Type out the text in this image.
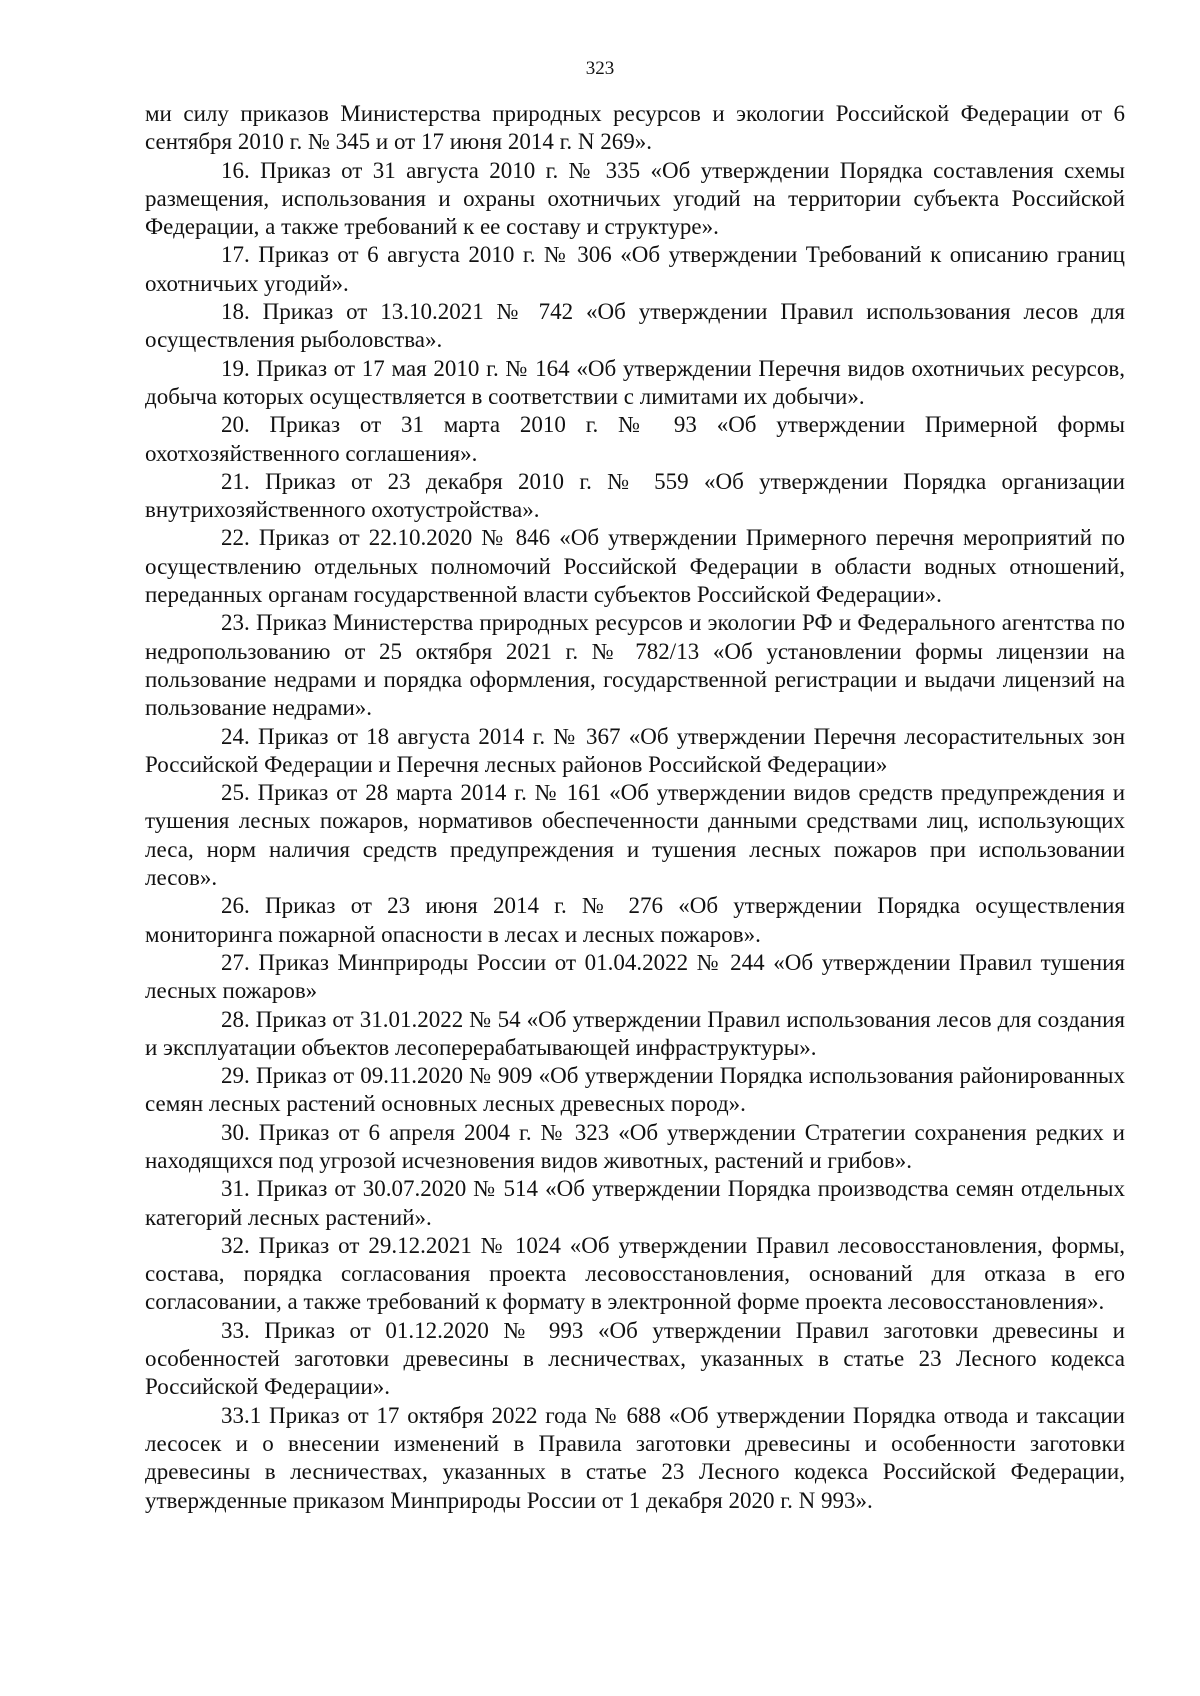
323

ми силу приказов Министерства природных ресурсов и экологии Российской Федерации от 6 сентября 2010 г. № 345 и от 17 июня 2014 г. N 269».

16. Приказ от 31 августа 2010 г. № 335 «Об утверждении Порядка составления схемы размещения, использования и охраны охотничьих угодий на территории субъекта Российской Федерации, а также требований к ее составу и структуре».

17. Приказ от 6 августа 2010 г. № 306 «Об утверждении Требований к описанию границ охотничьих угодий».

18. Приказ от 13.10.2021 № 742 «Об утверждении Правил использования лесов для осуществления рыболовства».

19. Приказ от 17 мая 2010 г. № 164 «Об утверждении Перечня видов охотничьих ресурсов, добыча которых осуществляется в соответствии с лимитами их добычи».

20. Приказ от 31 марта 2010 г. № 93 «Об утверждении Примерной формы охотхозяйственного соглашения».

21. Приказ от 23 декабря 2010 г. № 559 «Об утверждении Порядка организации внутрихозяйственного охотустройства».

22. Приказ от 22.10.2020 № 846 «Об утверждении Примерного перечня мероприятий по осуществлению отдельных полномочий Российской Федерации в области водных отношений, переданных органам государственной власти субъектов Российской Федерации».

23. Приказ Министерства природных ресурсов и экологии РФ и Федерального агентства по недропользованию от 25 октября 2021 г. № 782/13 «Об установлении формы лицензии на пользование недрами и порядка оформления, государственной регистрации и выдачи лицензий на пользование недрами».

24. Приказ от 18 августа 2014 г. № 367 «Об утверждении Перечня лесорастительных зон Российской Федерации и Перечня лесных районов Российской Федерации»

25. Приказ от 28 марта 2014 г. № 161 «Об утверждении видов средств предупреждения и тушения лесных пожаров, нормативов обеспеченности данными средствами лиц, использующих леса, норм наличия средств предупреждения и тушения лесных пожаров при использовании лесов».

26. Приказ от 23 июня 2014 г. № 276 «Об утверждении Порядка осуществления мониторинга пожарной опасности в лесах и лесных пожаров».

27. Приказ Минприроды России от 01.04.2022 № 244 «Об утверждении Правил тушения лесных пожаров»

28. Приказ от 31.01.2022 № 54 «Об утверждении Правил использования лесов для создания и эксплуатации объектов лесоперерабатывающей инфраструктуры».

29. Приказ от 09.11.2020 № 909 «Об утверждении Порядка использования районированных семян лесных растений основных лесных древесных пород».

30. Приказ от 6 апреля 2004 г. № 323 «Об утверждении Стратегии сохранения редких и находящихся под угрозой исчезновения видов животных, растений и грибов».

31. Приказ от 30.07.2020 № 514 «Об утверждении Порядка производства семян отдельных категорий лесных растений».

32. Приказ от 29.12.2021 № 1024 «Об утверждении Правил лесовосстановления, формы, состава, порядка согласования проекта лесовосстановления, оснований для отказа в его согласовании, а также требований к формату в электронной форме проекта лесовосстановления».

33. Приказ от 01.12.2020 № 993 «Об утверждении Правил заготовки древесины и особенностей заготовки древесины в лесничествах, указанных в статье 23 Лесного кодекса Российской Федерации».

33.1 Приказ от 17 октября 2022 года № 688 «Об утверждении Порядка отвода и таксации лесосек и о внесении изменений в Правила заготовки древесины и особенности заготовки древесины в лесничествах, указанных в статье 23 Лесного кодекса Российской Федерации, утвержденные приказом Минприроды России от 1 декабря 2020 г. N 993».
